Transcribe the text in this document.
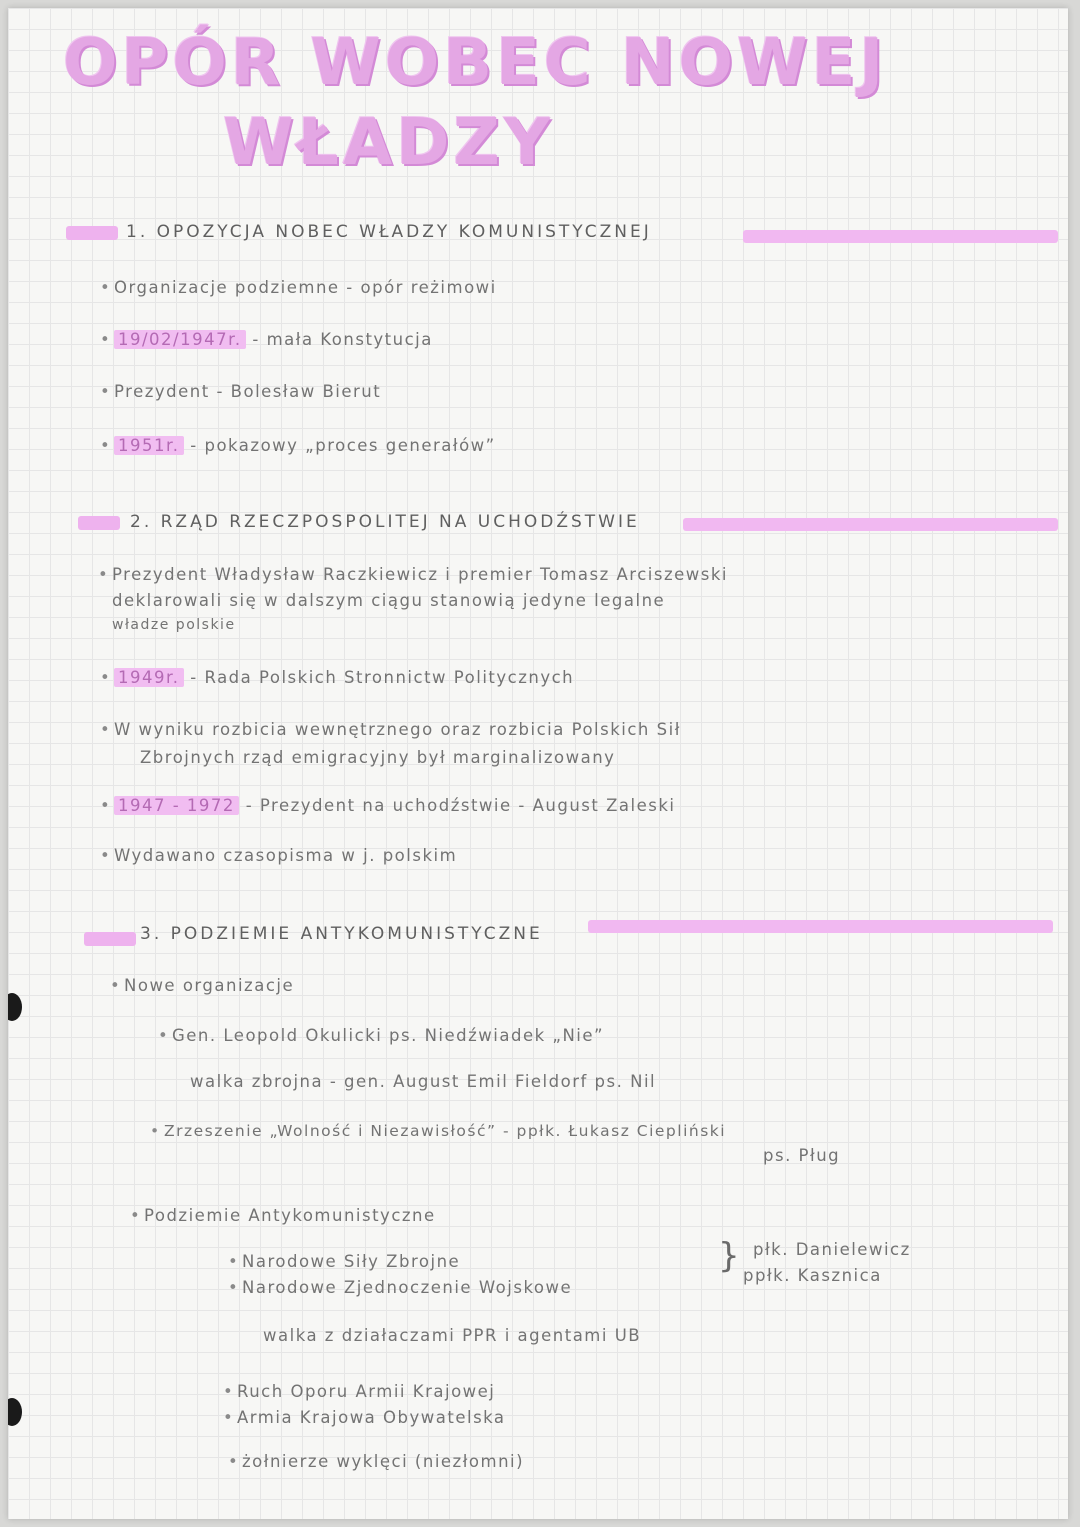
OPÓR WOBEC NOWEJ
WŁADZY
1. OPOZYCJA NOBEC WŁADZY KOMUNISTYCZNEJ

• Organizacje podziemne - opór reżimowi

• 19/02/1947r. - mała Konstytucja

• Prezydent - Bolesław Bierut

• 1951r. - pokazowy „proces generałów”

2. RZĄD RZECZPOSPOLITEJ NA UCHODŹSTWIE

• Prezydent Władysław Raczkiewicz i premier Tomasz Arciszewski

deklarowali się w dalszym ciągu stanowią jedyne legalne

władze polskie

• 1949r. - Rada Polskich Stronnictw Politycznych

• W wyniku rozbicia wewnętrznego oraz rozbicia Polskich Sił

Zbrojnych rząd emigracyjny był marginalizowany

• 1947 - 1972 - Prezydent na uchodźstwie - August Zaleski

• Wydawano czasopisma w j. polskim

3. PODZIEMIE ANTYKOMUNISTYCZNE

• Nowe organizacje

• Gen. Leopold Okulicki ps. Niedźwiadek „Nie”

walka zbrojna - gen. August Emil Fieldorf ps. Nil

• Zrzeszenie „Wolność i Niezawisłość” - ppłk. Łukasz Ciepliński

ps. Pług

• Podziemie Antykomunistyczne

• Narodowe Siły Zbrojne

• Narodowe Zjednoczenie Wojskowe

} płk. Danielewicz

ppłk. Kasznica

walka z działaczami PPR i agentami UB

• Ruch Oporu Armii Krajowej

• Armia Krajowa Obywatelska

• żołnierze wyklęci (niezłomni)
